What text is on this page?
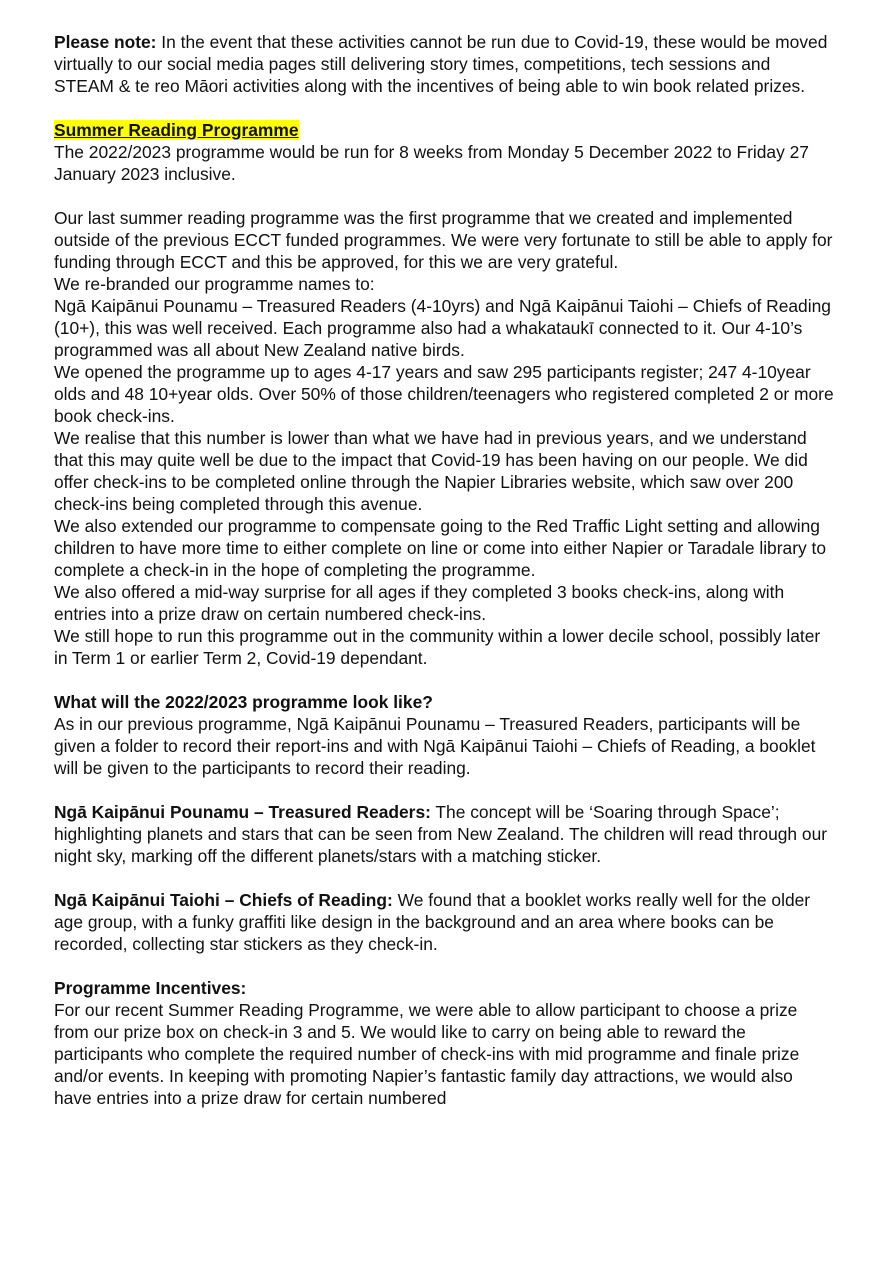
Please note: In the event that these activities cannot be run due to Covid-19, these would be moved virtually to our social media pages still delivering story times, competitions, tech sessions and STEAM & te reo Māori activities along with the incentives of being able to win book related prizes.

Summer Reading Programme

The 2022/2023 programme would be run for 8 weeks from Monday 5 December 2022 to Friday 27 January 2023 inclusive.

Our last summer reading programme was the first programme that we created and implemented outside of the previous ECCT funded programmes. We were very fortunate to still be able to apply for funding through ECCT and this be approved, for this we are very grateful.

We re-branded our programme names to:

Ngā Kaipānui Pounamu – Treasured Readers (4-10yrs) and Ngā Kaipānui Taiohi – Chiefs of Reading (10+), this was well received. Each programme also had a whakataukī connected to it. Our 4-10’s programmed was all about New Zealand native birds.

We opened the programme up to ages 4-17 years and saw 295 participants register; 247 4-10year olds and 48 10+year olds. Over 50% of those children/teenagers who registered completed 2 or more book check-ins.

We realise that this number is lower than what we have had in previous years, and we understand that this may quite well be due to the impact that Covid-19 has been having on our people. We did offer check-ins to be completed online through the Napier Libraries website, which saw over 200 check-ins being completed through this avenue.

We also extended our programme to compensate going to the Red Traffic Light setting and allowing children to have more time to either complete on line or come into either Napier or Taradale library to complete a check-in in the hope of completing the programme.

We also offered a mid-way surprise for all ages if they completed 3 books check-ins, along with entries into a prize draw on certain numbered check-ins.

We still hope to run this programme out in the community within a lower decile school, possibly later in Term 1 or earlier Term 2, Covid-19 dependant.

What will the 2022/2023 programme look like?

As in our previous programme, Ngā Kaipānui Pounamu – Treasured Readers, participants will be given a folder to record their report-ins and with Ngā Kaipānui Taiohi – Chiefs of Reading, a booklet will be given to the participants to record their reading.

Ngā Kaipānui Pounamu – Treasured Readers: The concept will be ‘Soaring through Space’; highlighting planets and stars that can be seen from New Zealand. The children will read through our night sky, marking off the different planets/stars with a matching sticker.

Ngā Kaipānui Taiohi – Chiefs of Reading: We found that a booklet works really well for the older age group, with a funky graffiti like design in the background and an area where books can be recorded, collecting star stickers as they check-in.

Programme Incentives:

For our recent Summer Reading Programme, we were able to allow participant to choose a prize from our prize box on check-in 3 and 5. We would like to carry on being able to reward the participants who complete the required number of check-ins with mid programme and finale prize and/or events. In keeping with promoting Napier’s fantastic family day attractions, we would also have entries into a prize draw for certain numbered
